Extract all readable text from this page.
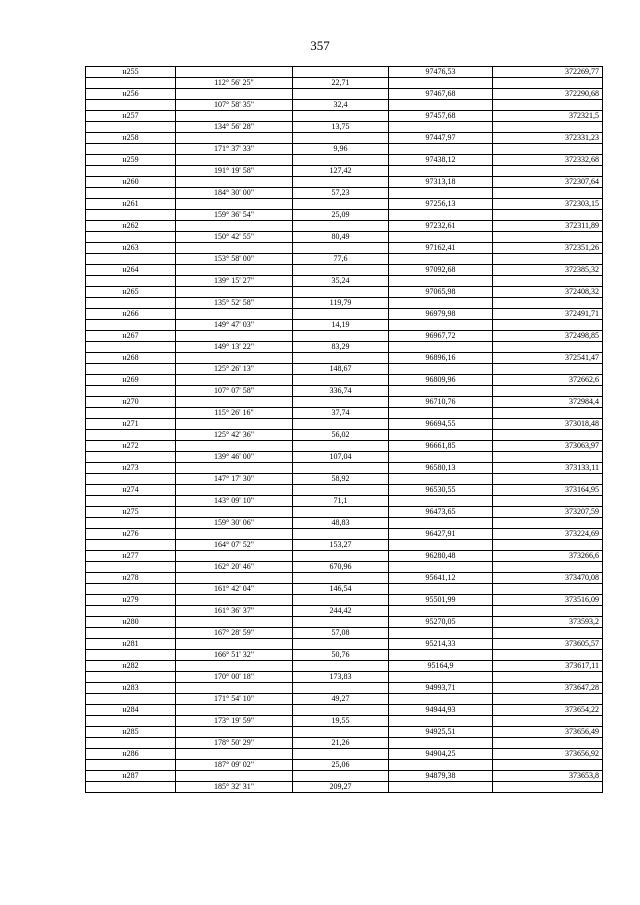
357
н255			97476,53	372269,77
	112° 56' 25"	22,71		
н256			97467,68	372290,68
	107° 58' 35"	32,4		
н257			97457,68	372321,5
	134° 56' 28"	13,75		
н258			97447,97	372331,23
	171° 37' 33"	9,96		
н259			97438,12	372332,68
	191° 19' 58"	127,42		
н260			97313,18	372307,64
	184° 30' 00"	57,23		
н261			97256,13	372303,15
	159° 36' 54"	25,09		
н262			97232,61	372311,89
	150° 42' 55"	80,49		
н263			97162,41	372351,26
	153° 58' 00"	77,6		
н264			97092,68	372385,32
	139° 15' 27"	35,24		
н265			97065,98	372408,32
	135° 52' 58"	119,79		
н266			96979,98	372491,71
	149° 47' 03"	14,19		
н267			96967,72	372498,85
	149° 13' 22"	83,29		
н268			96896,16	372541,47
	125° 26' 13"	148,67		
н269			96809,96	372662,6
	107° 07' 58"	336,74		
н270			96710,76	372984,4
	115° 26' 16"	37,74		
н271			96694,55	373018,48
	125° 42' 36"	56,02		
н272			96661,85	373063,97
	139° 46' 00"	107,04		
н273			96580,13	373133,11
	147° 17' 30"	58,92		
н274			96530,55	373164,95
	143° 09' 10"	71,1		
н275			96473,65	373207,59
	159° 30' 06"	48,83		
н276			96427,91	373224,69
	164° 07' 52"	153,27		
н277			96280,48	373266,6
	162° 20' 46"	670,96		
н278			95641,12	373470,08
	161° 42' 04"	146,54		
н279			95501,99	373516,09
	161° 36' 37"	244,42		
н280			95270,05	373593,2
	167° 28' 59"	57,08		
н281			95214,33	373605,57
	166° 51' 32"	50,76		
н282			95164,9	373617,11
	170° 00' 18"	173,83		
н283			94993,71	373647,28
	171° 54' 10"	49,27		
н284			94944,93	373654,22
	173° 19' 59"	19,55		
н285			94925,51	373656,49
	178° 50' 29"	21,26		
н286			94904,25	373656,92
	187° 09' 02"	25,06		
н287			94879,38	373653,8
	185° 32' 31"	209,27		
